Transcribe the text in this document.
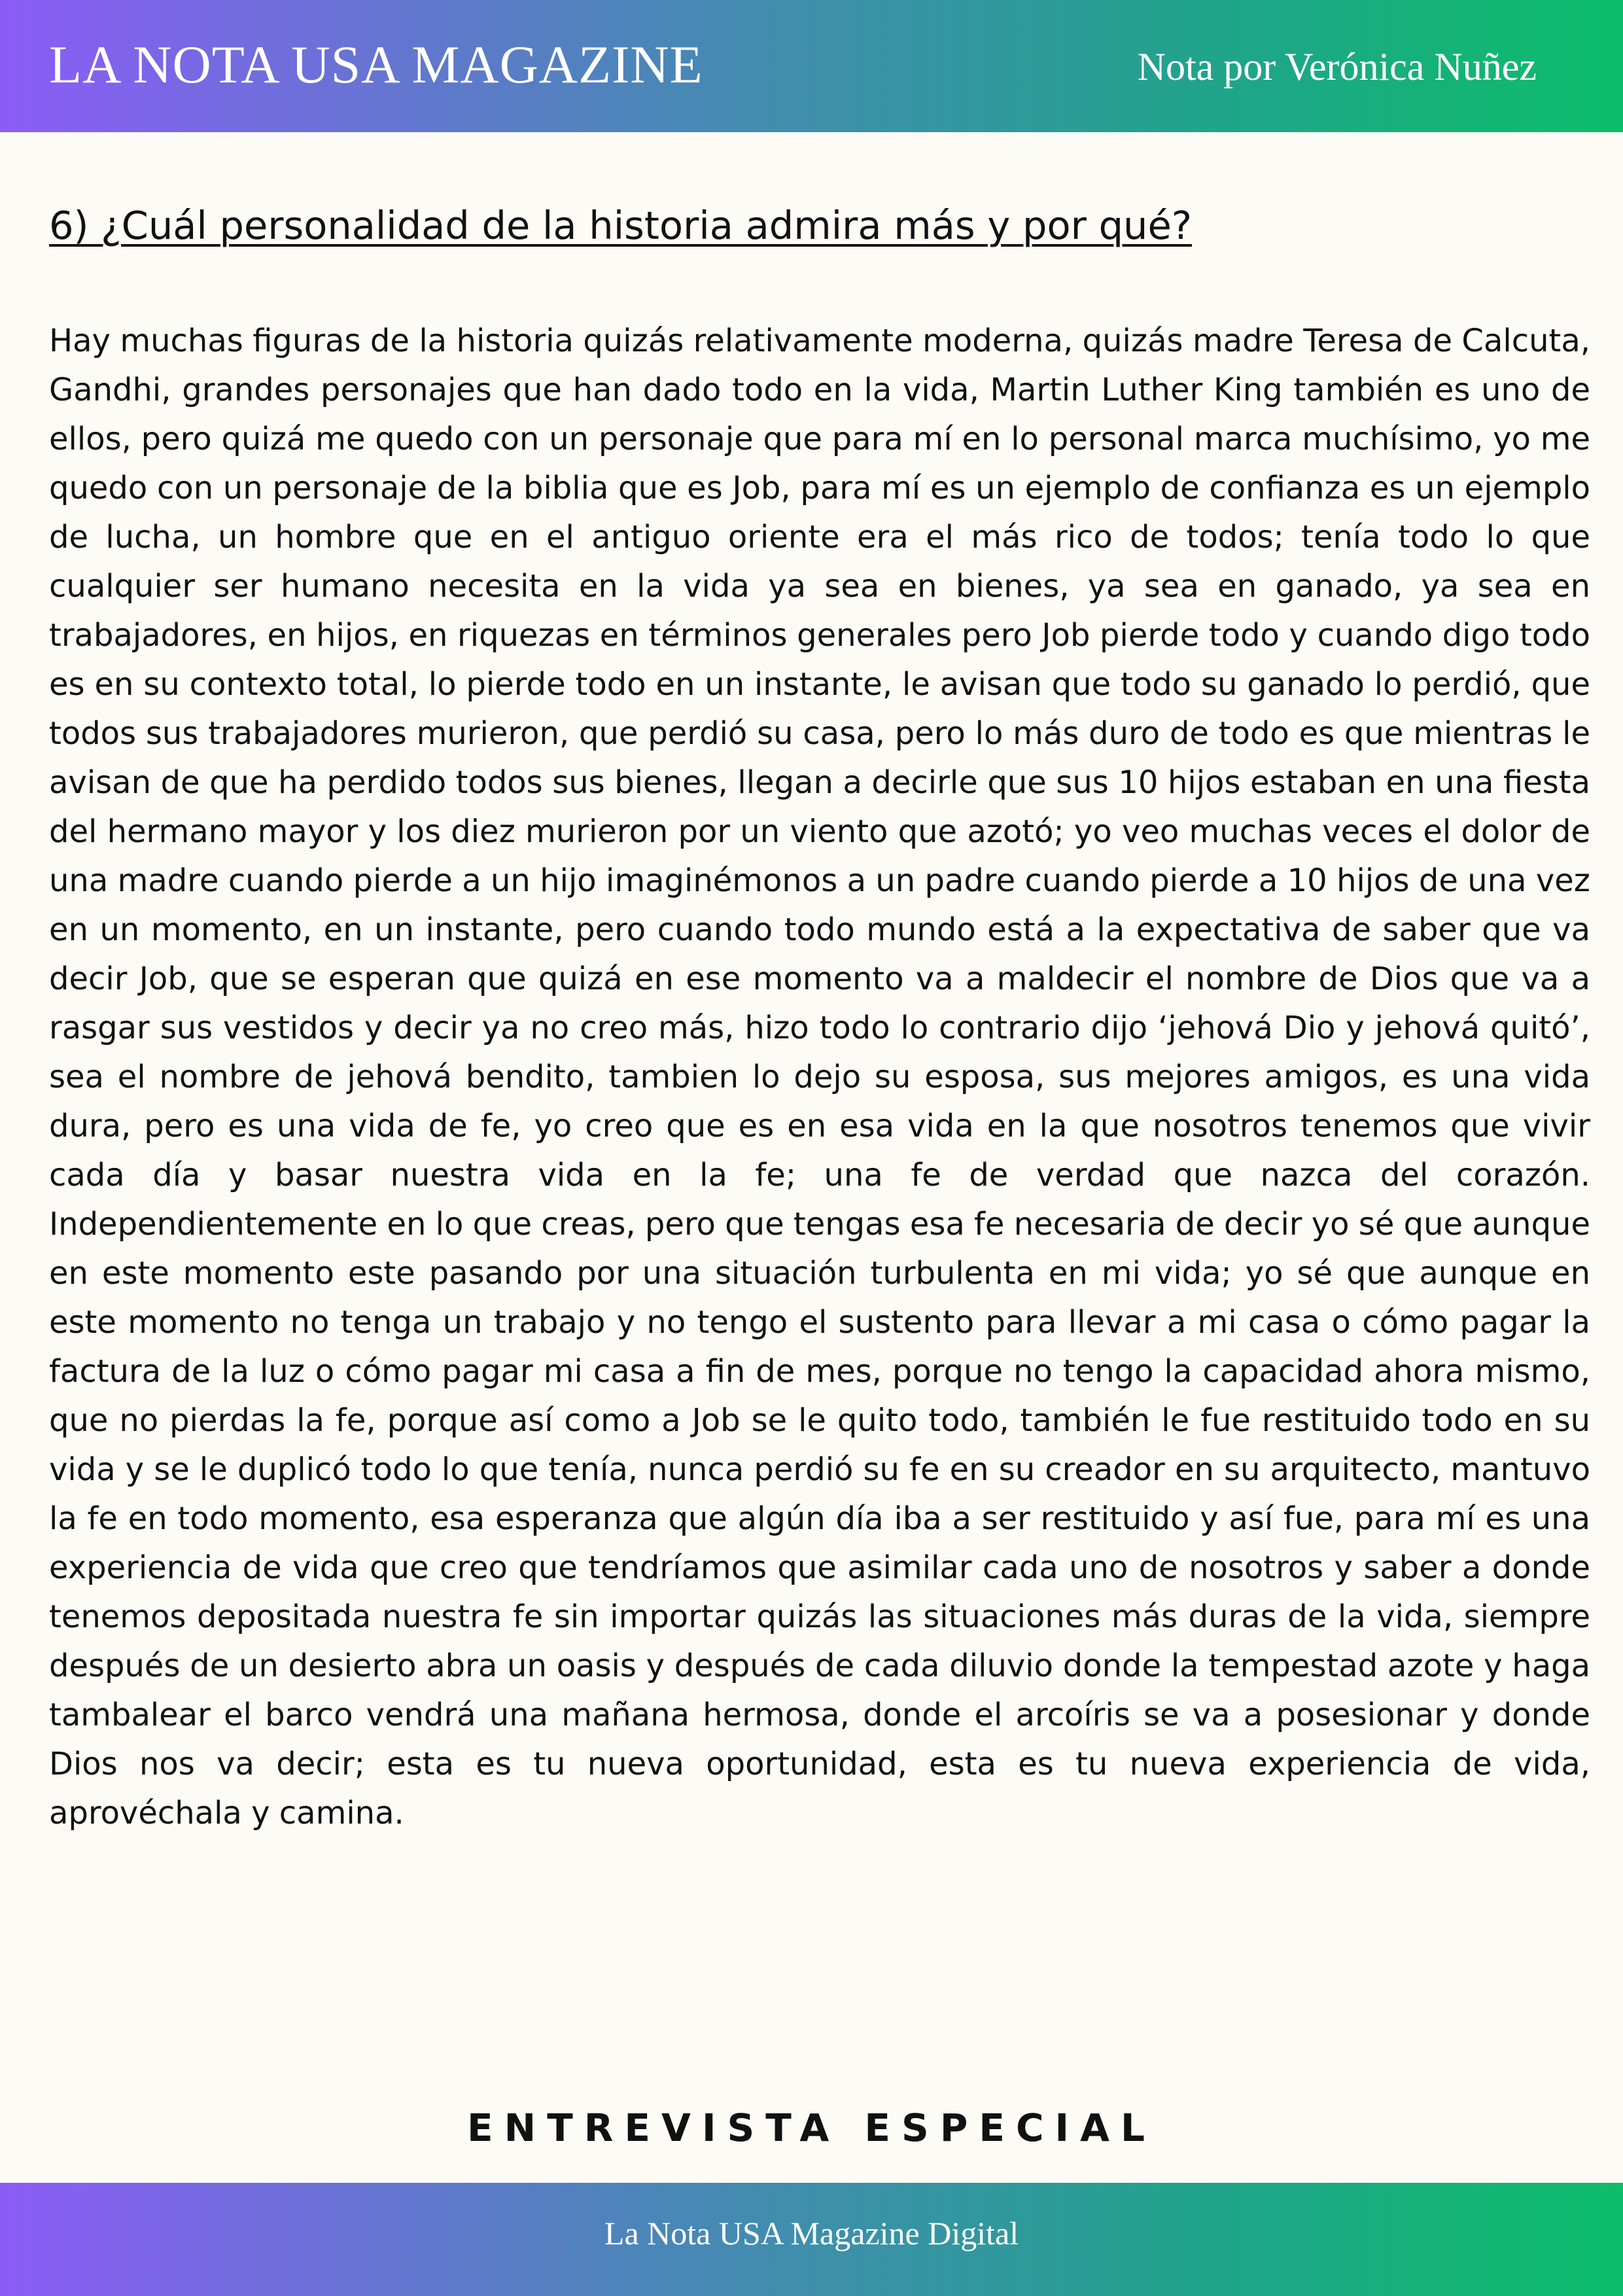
LA NOTA USA MAGAZINE	Nota por Verónica Nuñez
6) ¿Cuál personalidad de la historia admira más y por qué?
Hay muchas figuras de la historia quizás relativamente moderna, quizás madre Teresa de Calcuta, Gandhi, grandes personajes que han dado todo en la vida, Martin Luther King también es uno de ellos, pero quizá me quedo con un personaje que para mí en lo personal marca muchísimo, yo me quedo con un personaje de la biblia que es Job, para mí es un ejemplo de confianza es un ejemplo de lucha, un hombre que en el antiguo oriente era el más rico de todos; tenía todo lo que cualquier ser humano necesita en la vida ya sea en bienes, ya sea en ganado, ya sea en trabajadores, en hijos, en riquezas en términos generales pero Job pierde todo y cuando digo todo es en su contexto total, lo pierde todo en un instante, le avisan que todo su ganado lo perdió, que todos sus trabajadores murieron, que perdió su casa, pero lo más duro de todo es que mientras le avisan de que ha perdido todos sus bienes, llegan a decirle que sus 10 hijos estaban en una fiesta del hermano mayor y los diez murieron por un viento que azotó; yo veo muchas veces el dolor de una madre cuando pierde a un hijo imaginémonos a un padre cuando pierde a 10 hijos de una vez en un momento, en un instante, pero cuando todo mundo está a la expectativa de saber que va decir Job, que se esperan que quizá en ese momento va a maldecir el nombre de Dios que va a rasgar sus vestidos y decir ya no creo más, hizo todo lo contrario dijo ‘jehová Dio y jehová quitó’, sea el nombre de jehová bendito, tambien lo dejo su esposa, sus mejores amigos, es una vida dura, pero es una vida de fe, yo creo que es en esa vida en la que nosotros tenemos que vivir cada día y basar nuestra vida en la fe; una fe de verdad que nazca del corazón. Independientemente en lo que creas, pero que tengas esa fe necesaria de decir yo sé que aunque en este momento este pasando por una situación turbulenta en mi vida; yo sé que aunque en este momento no tenga un trabajo y no tengo el sustento para llevar a mi casa o cómo pagar la factura de la luz o cómo pagar mi casa a fin de mes, porque no tengo la capacidad ahora mismo, que no pierdas la fe, porque así como a Job se le quito todo, también le fue restituido todo en su vida y se le duplicó todo lo que tenía, nunca perdió su fe en su creador en su arquitecto, mantuvo la fe en todo momento, esa esperanza que algún día iba a ser restituido y así fue, para mí es una experiencia de vida que creo que tendríamos que asimilar cada uno de nosotros y saber a donde tenemos depositada nuestra fe sin importar quizás las situaciones más duras de la vida, siempre después de un desierto abra un oasis y después de cada diluvio donde la tempestad azote y haga tambalear el barco vendrá una mañana hermosa, donde el arcoíris se va a posesionar y donde Dios nos va decir; esta es tu nueva oportunidad, esta es tu nueva experiencia de vida, aprovéchala y camina.
ENTREVISTA ESPECIAL
La Nota USA Magazine Digital
